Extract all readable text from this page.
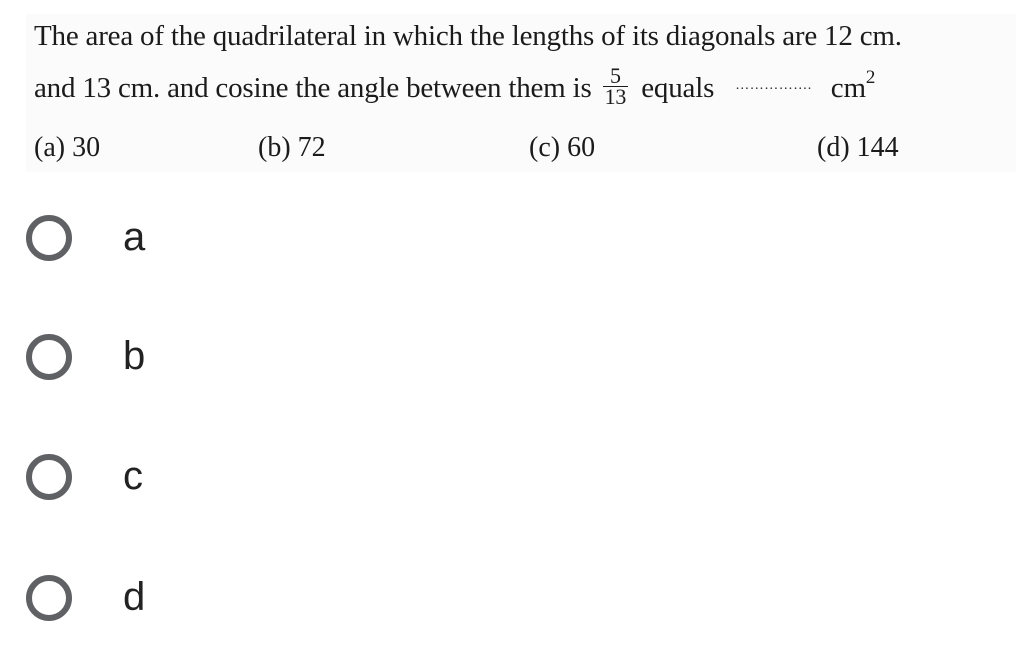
The area of the quadrilateral in which the lengths of its diagonals are 12 cm.
and 13 cm. and cosine the angle between them is $\frac{5}{13}$ equals ……………. $cm^2$
(a) 30	(b) 72	(c) 60	(d) 144
a
b
c
d
